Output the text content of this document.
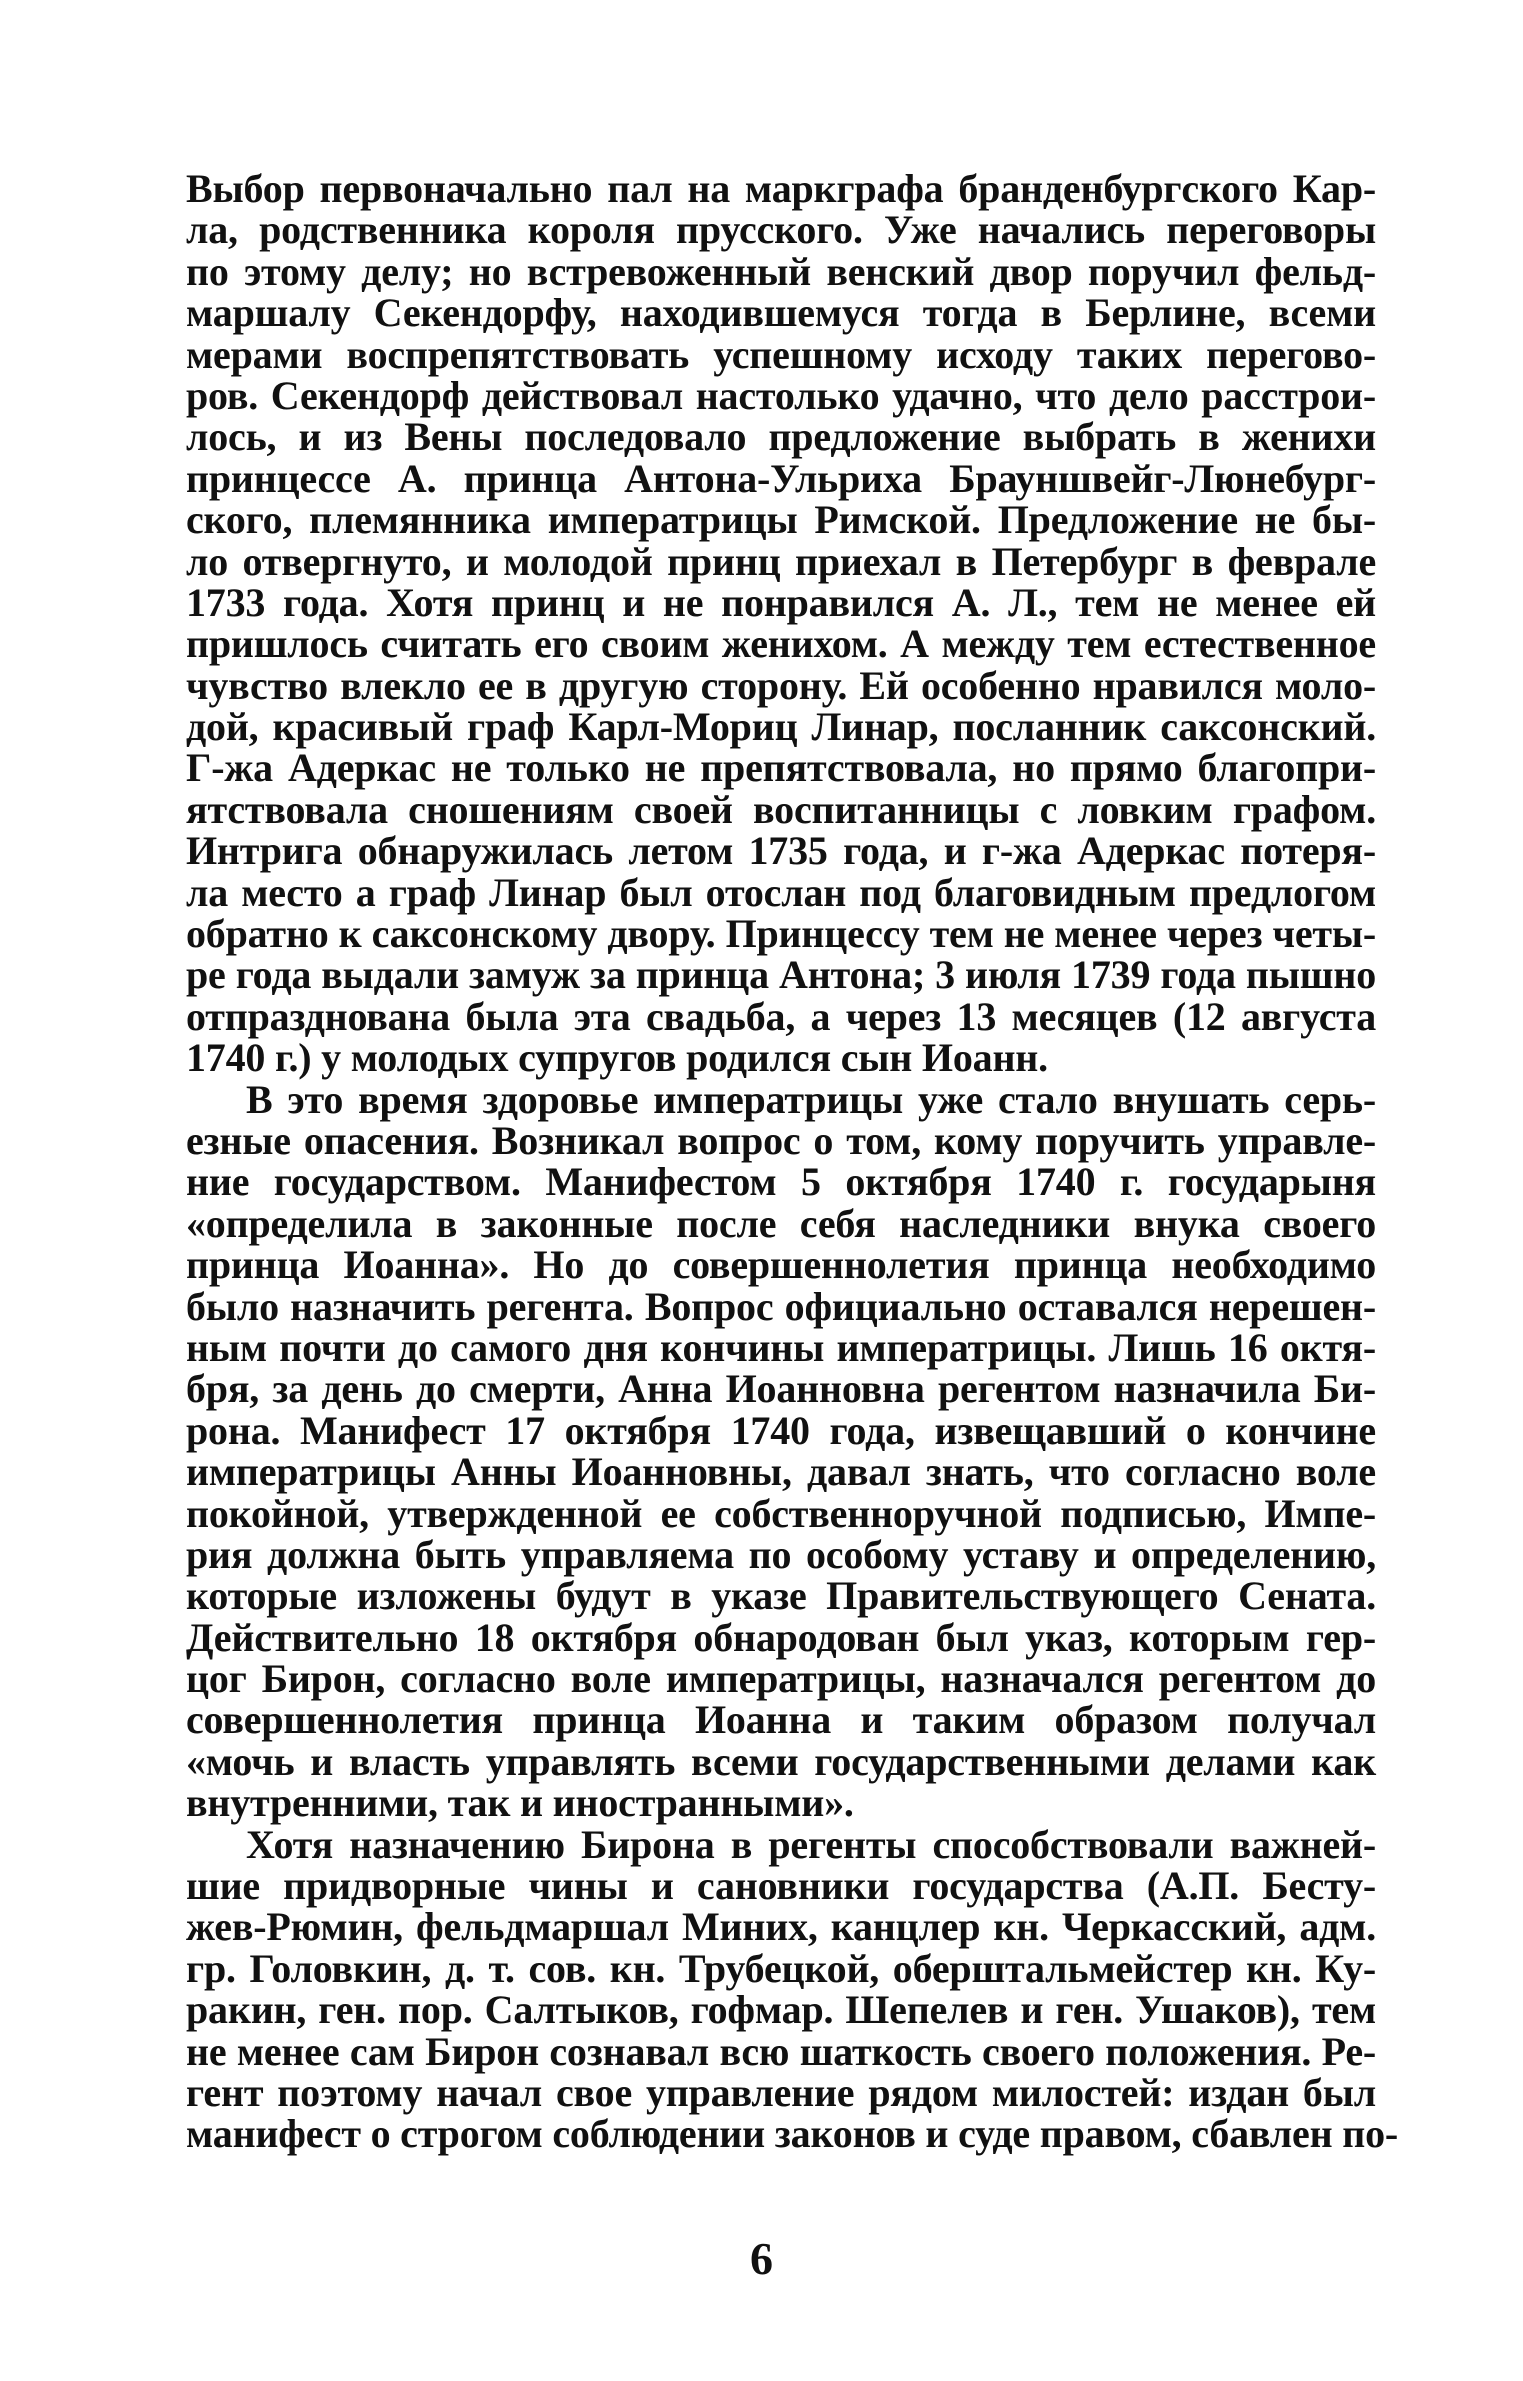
Выбор первоначально пал на маркграфа бранденбургского Кар-
ла, родственника короля прусского. Уже начались переговоры
по этому делу; но встревоженный венский двор поручил фельд-
маршалу Секендорфу, находившемуся тогда в Берлине, всеми
мерами воспрепятствовать успешному исходу таких перегово-
ров. Секендорф действовал настолько удачно, что дело расстрои-
лось, и из Вены последовало предложение выбрать в женихи
принцессе А. принца Антона-Ульриха Брауншвейг-Люнебург-
ского, племянника императрицы Римской. Предложение не бы-
ло отвергнуто, и молодой принц приехал в Петербург в феврале
1733 года. Хотя принц и не понравился А. Л., тем не менее ей
пришлось считать его своим женихом. А между тем естественное
чувство влекло ее в другую сторону. Ей особенно нравился моло-
дой, красивый граф Карл-Мориц Линар, посланник саксонский.
Г-жа Адеркас не только не препятствовала, но прямо благопри-
ятствовала сношениям своей воспитанницы с ловким графом.
Интрига обнаружилась летом 1735 года, и г-жа Адеркас потеря-
ла место а граф Линар был отослан под благовидным предлогом
обратно к саксонскому двору. Принцессу тем не менее через четы-
ре года выдали замуж за принца Антона; 3 июля 1739 года пышно
отпразднована была эта свадьба, а через 13 месяцев (12 августа
1740 г.) у молодых супругов родился сын Иоанн.
В это время здоровье императрицы уже стало внушать серь-
езные опасения. Возникал вопрос о том, кому поручить управле-
ние государством. Манифестом 5 октября 1740 г. государыня
«определила в законные после себя наследники внука своего
принца Иоанна». Но до совершеннолетия принца необходимо
было назначить регента. Вопрос официально оставался нерешен-
ным почти до самого дня кончины императрицы. Лишь 16 октя-
бря, за день до смерти, Анна Иоанновна регентом назначила Би-
рона. Манифест 17 октября 1740 года, извещавший о кончине
императрицы Анны Иоанновны, давал знать, что согласно воле
покойной, утвержденной ее собственноручной подписью, Импе-
рия должна быть управляема по особому уставу и определению,
которые изложены будут в указе Правительствующего Сената.
Действительно 18 октября обнародован был указ, которым гер-
цог Бирон, согласно воле императрицы, назначался регентом до
совершеннолетия принца Иоанна и таким образом получал
«мочь и власть управлять всеми государственными делами как
внутренними, так и иностранными».
Хотя назначению Бирона в регенты способствовали важней-
шие придворные чины и сановники государства (А.П. Бесту-
жев-Рюмин, фельдмаршал Миних, канцлер кн. Черкасский, адм.
гр. Головкин, д. т. сов. кн. Трубецкой, оберштальмейстер кн. Ку-
ракин, ген. пор. Салтыков, гофмар. Шепелев и ген. Ушаков), тем
не менее сам Бирон сознавал всю шаткость своего положения. Ре-
гент поэтому начал свое управление рядом милостей: издан был
манифест о строгом соблюдении законов и суде правом, сбавлен по-
6
